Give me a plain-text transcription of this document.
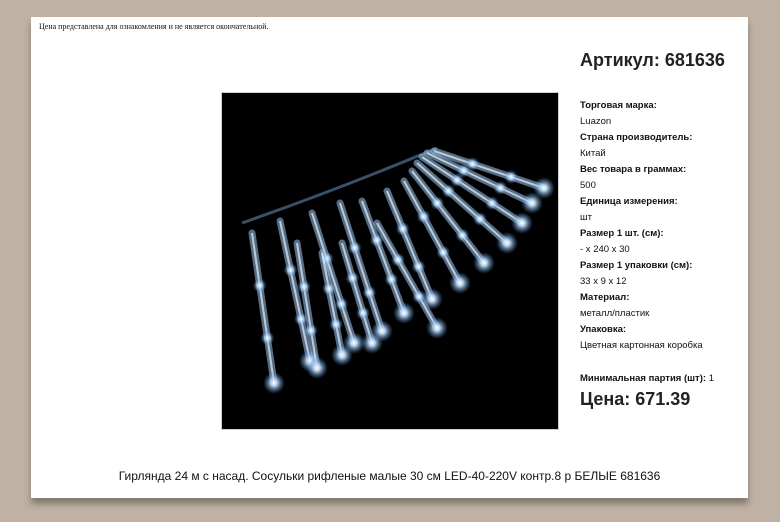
Цена представлена для ознакомления и не является окончательной.
Артикул: 681636
Торговая марка:
Luazon
Страна производитель:
Китай
Вес товара в граммах:
500
Единица измерения:
шт
Размер 1 шт. (см):
- х 240 х 30
Размер 1 упаковки (см):
33 х 9 х 12
Материал:
металл/пластик
Упаковка:
Цветная картонная коробка
Минимальная партия (шт): 1
Цена: 671.39
Гирлянда 24 м с насад. Сосульки рифленые малые 30 см LED-40-220V контр.8 р БЕЛЫЕ 681636
